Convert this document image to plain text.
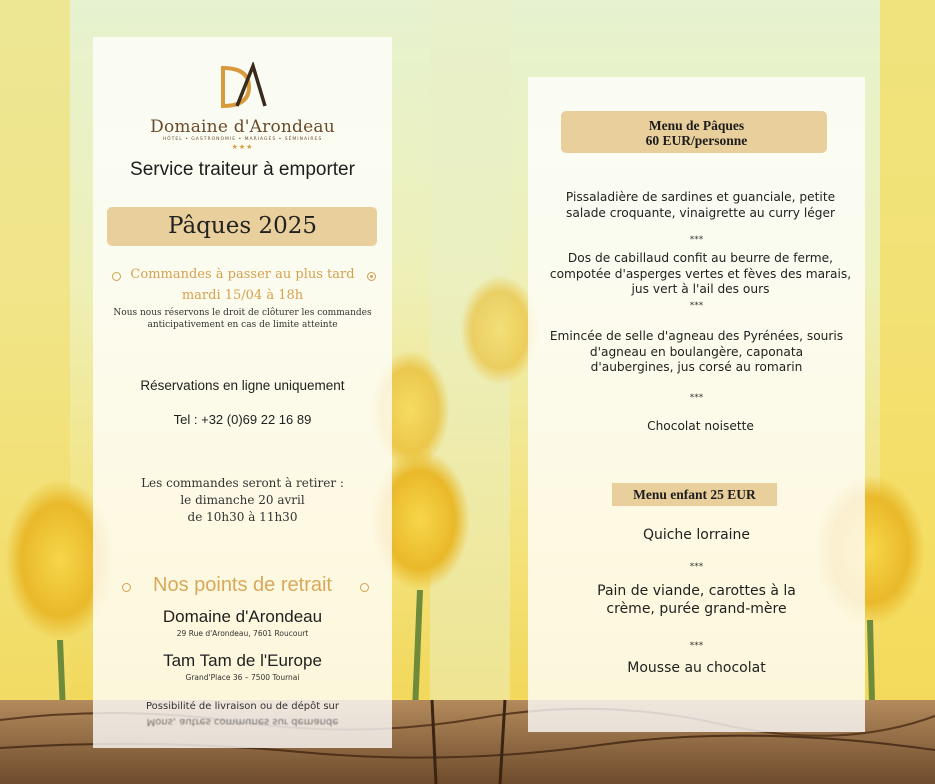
Domaine d'Arondeau
HÔTEL • GASTRONOMIE • MARIAGES • SÉMINAIRES
★★★
Service traiteur à emporter
Pâques 2025
Commandes à passer au plus tard
mardi 15/04 à 18h
Nous nous réservons le droit de clôturer les commandes anticipativement en cas de limite atteinte
Réservations en ligne uniquement
Tel : +32 (0)69 22 16 89
Les commandes seront à retirer :
le dimanche 20 avril
de 10h30 à 11h30
Nos points de retrait
Domaine d'Arondeau
29 Rue d'Arondeau, 7601 Roucourt
Tam Tam de l'Europe
Grand'Place 36 – 7500 Tournai
Possibilité de livraison ou de dépôt sur
Mons, autres communes sur demande
Menu de Pâques
60 EUR/personne
Pissaladière de sardines et guanciale, petite
salade croquante, vinaigrette au curry léger
***
Dos de cabillaud confit au beurre de ferme,
compotée d'asperges vertes et fèves des marais,
jus vert à l'ail des ours
***
Emincée de selle d'agneau des Pyrénées, souris
d'agneau en boulangère, caponata
d'aubergines, jus corsé au romarin
***
Chocolat noisette
Menu enfant 25 EUR
Quiche lorraine
***
Pain de viande, carottes à la
crème, purée grand-mère
***
Mousse au chocolat
